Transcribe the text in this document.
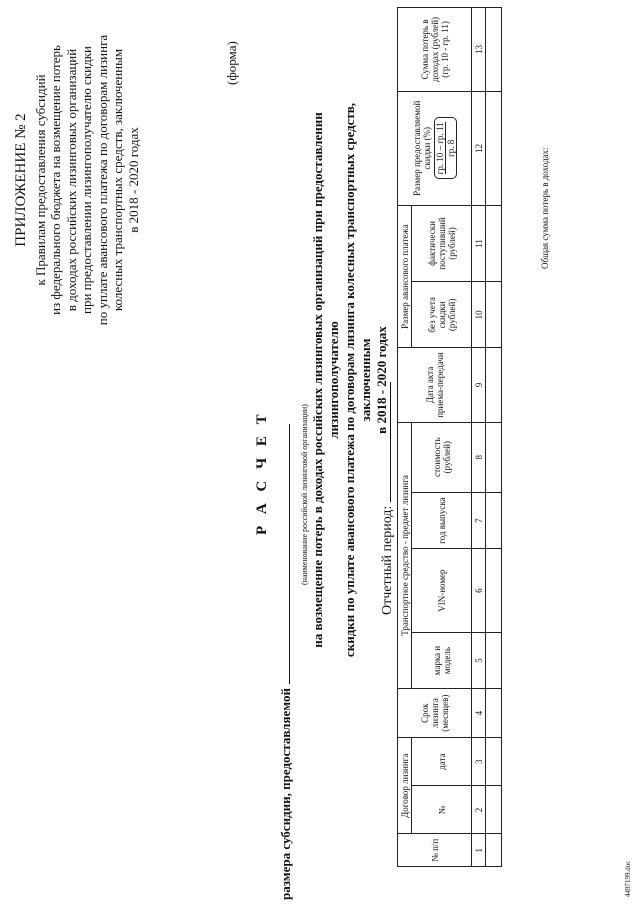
ПРИЛОЖЕНИЕ № 2 к Правилам предоставления субсидий из федерального бюджета на возмещение потерь в доходах российских лизинговых организаций при предоставлении лизингополучателю скидки по уплате авансового платежа по договорам лизинга колесных транспортных средств, заключенным в 2018 - 2020 годах
(форма)
Р А С Ч Е Т
размера субсидии, предоставляемой
(наименование российской лизинговой организации) на возмещение потерь в доходах российских лизинговых организаций при предоставлении лизингополучателю скидки по уплате авансового платежа по договорам лизинга колесных транспортных средств, заключенным в 2018 - 2020 годах
Отчетный период:
№ п/п	Договор лизинга		Срок лизинга (месяцев)	Транспортное средство - предмет лизинга				Дата акта приема-передачи	Размер авансового платежа		Размер предоставляемой скидки (%) гр. 10 – гр. 11 гр. 8	Сумма потерь в доходах (рублей) (гр. 10 - гр. 11)
	№	дата		марка и модель	VIN-номер	год выпуска	стоимость (рублей)		без учета скидки (рублей)	фактически поступивший (рублей)		
1	2	3	4	5	6	7	8	9	10	11	12	13

Общая сумма потерь в доходах:
4497199.doc
